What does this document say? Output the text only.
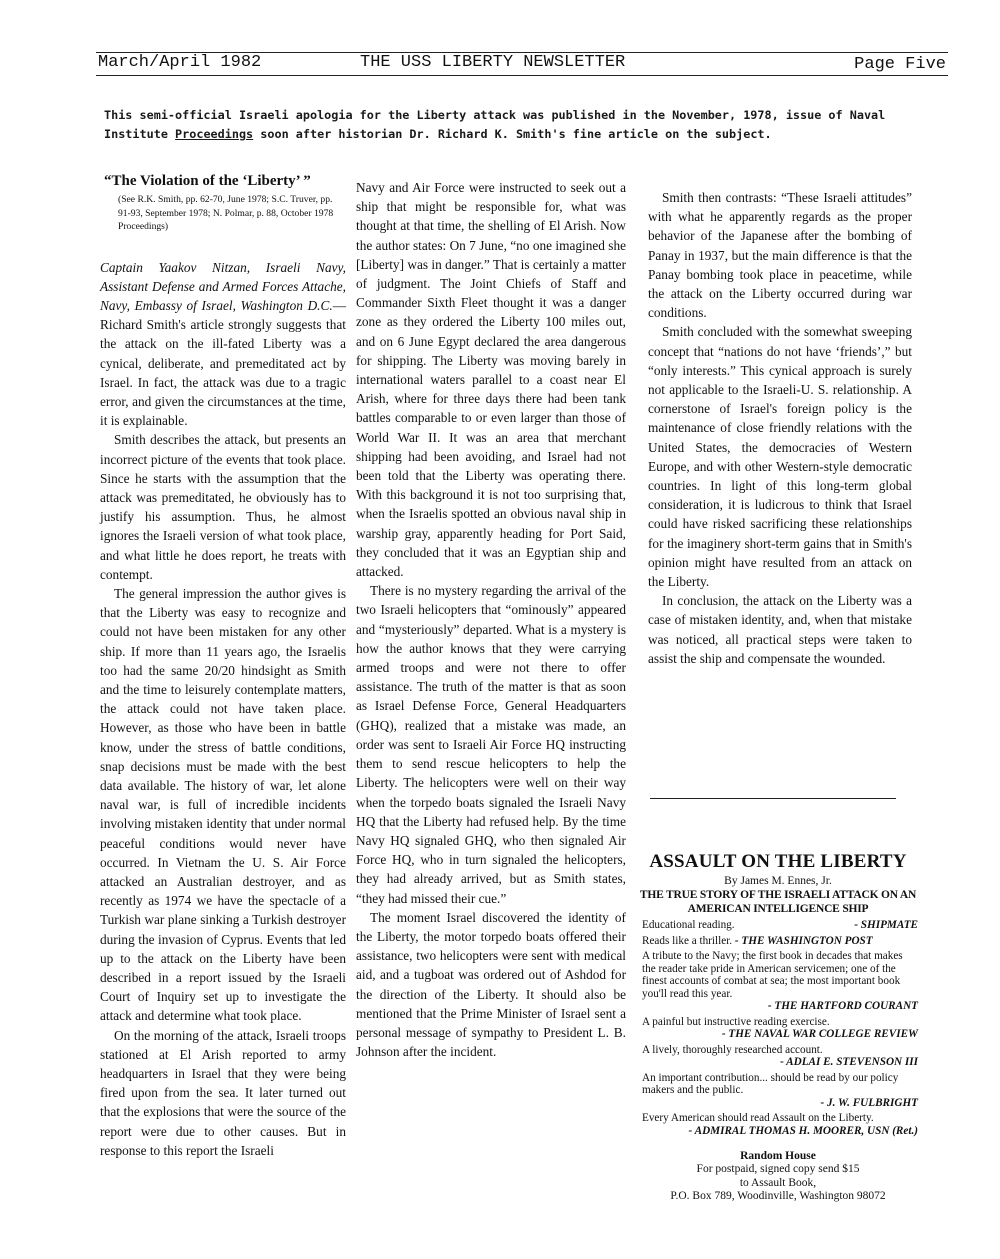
March/April 1982	THE USS LIBERTY NEWSLETTER	Page Five
This semi-official Israeli apologia for the Liberty attack was published in the November, 1978, issue of Naval Institute Proceedings soon after historian Dr. Richard K. Smith's fine article on the subject.
“The Violation of the ‘Liberty’ ”
(See R.K. Smith, pp. 62-70, June 1978; S.C. Truver, pp. 91-93, September 1978; N. Polmar, p. 88, October 1978 Proceedings)

Captain Yaakov Nitzan, Israeli Navy, Assistant Defense and Armed Forces Attache, Navy, Embassy of Israel, Washington D.C.—Richard Smith's article strongly suggests that the attack on the ill-fated Liberty was a cynical, deliberate, and premeditated act by Israel. In fact, the attack was due to a tragic error, and given the circumstances at the time, it is explainable.

Smith describes the attack, but presents an incorrect picture of the events that took place. Since he starts with the assumption that the attack was premeditated, he obviously has to justify his assumption. Thus, he almost ignores the Israeli version of what took place, and what little he does report, he treats with contempt.

The general impression the author gives is that the Liberty was easy to recognize and could not have been mistaken for any other ship. If more than 11 years ago, the Israelis too had the same 20/20 hindsight as Smith and the time to leisurely contemplate matters, the attack could not have taken place. However, as those who have been in battle know, under the stress of battle conditions, snap decisions must be made with the best data available. The history of war, let alone naval war, is full of incredible incidents involving mistaken identity that under normal peaceful conditions would never have occurred. In Vietnam the U. S. Air Force attacked an Australian destroyer, and as recently as 1974 we have the spectacle of a Turkish war plane sinking a Turkish destroyer during the invasion of Cyprus. Events that led up to the attack on the Liberty have been described in a report issued by the Israeli Court of Inquiry set up to investigate the attack and determine what took place.

On the morning of the attack, Israeli troops stationed at El Arish reported to army headquarters in Israel that they were being fired upon from the sea. It later turned out that the explosions that were the source of the report were due to other causes. But in response to this report the Israeli

Navy and Air Force were instructed to seek out a ship that might be responsible for, what was thought at that time, the shelling of El Arish. Now the author states: On 7 June, “no one imagined she [Liberty] was in danger.” That is certainly a matter of judgment. The Joint Chiefs of Staff and Commander Sixth Fleet thought it was a danger zone as they ordered the Liberty 100 miles out, and on 6 June Egypt declared the area dangerous for shipping. The Liberty was moving barely in international waters parallel to a coast near El Arish, where for three days there had been tank battles comparable to or even larger than those of World War II. It was an area that merchant shipping had been avoiding, and Israel had not been told that the Liberty was operating there. With this background it is not too surprising that, when the Israelis spotted an obvious naval ship in warship gray, apparently heading for Port Said, they concluded that it was an Egyptian ship and attacked.

There is no mystery regarding the arrival of the two Israeli helicopters that “ominously” appeared and “mysteriously” departed. What is a mystery is how the author knows that they were carrying armed troops and were not there to offer assistance. The truth of the matter is that as soon as Israel Defense Force, General Headquarters (GHQ), realized that a mistake was made, an order was sent to Israeli Air Force HQ instructing them to send rescue helicopters to help the Liberty. The helicopters were well on their way when the torpedo boats signaled the Israeli Navy HQ that the Liberty had refused help. By the time Navy HQ signaled GHQ, who then signaled Air Force HQ, who in turn signaled the helicopters, they had already arrived, but as Smith states, “they had missed their cue.”

The moment Israel discovered the identity of the Liberty, the motor torpedo boats offered their assistance, two helicopters were sent with medical aid, and a tugboat was ordered out of Ashdod for the direction of the Liberty. It should also be mentioned that the Prime Minister of Israel sent a personal message of sympathy to President L. B. Johnson after the incident.

Smith then contrasts: “These Israeli attitudes” with what he apparently regards as the proper behavior of the Japanese after the bombing of Panay in 1937, but the main difference is that the Panay bombing took place in peacetime, while the attack on the Liberty occurred during war conditions.

Smith concluded with the somewhat sweeping concept that “nations do not have ‘friends’,” but “only interests.” This cynical approach is surely not applicable to the Israeli-U. S. relationship. A cornerstone of Israel's foreign policy is the maintenance of close friendly relations with the United States, the democracies of Western Europe, and with other Western-style democratic countries. In light of this long-term global consideration, it is ludicrous to think that Israel could have risked sacrificing these relationships for the imaginery short-term gains that in Smith's opinion might have resulted from an attack on the Liberty.

In conclusion, the attack on the Liberty was a case of mistaken identity, and, when that mistake was noticed, all practical steps were taken to assist the ship and compensate the wounded.

ASSAULT ON THE LIBERTY
By James M. Ennes, Jr.
THE TRUE STORY OF THE ISRAELI ATTACK ON AN AMERICAN INTELLIGENCE SHIP
Educational reading.	- SHIPMATE
Reads like a thriller. - THE WASHINGTON POST
A tribute to the Navy; the first book in decades that makes the reader take pride in American servicemen; one of the finest accounts of combat at sea; the most important book you'll read this year.
- THE HARTFORD COURANT
A painful but instructive reading exercise.
- THE NAVAL WAR COLLEGE REVIEW
A lively, thoroughly researched account.
- ADLAI E. STEVENSON III
An important contribution... should be read by our policy makers and the public.
- J. W. FULBRIGHT
Every American should read Assault on the Liberty.
- ADMIRAL THOMAS H. MOORER, USN (Ret.)
Random House
For postpaid, signed copy send $15
to Assault Book,
P.O. Box 789, Woodinville, Washington 98072
